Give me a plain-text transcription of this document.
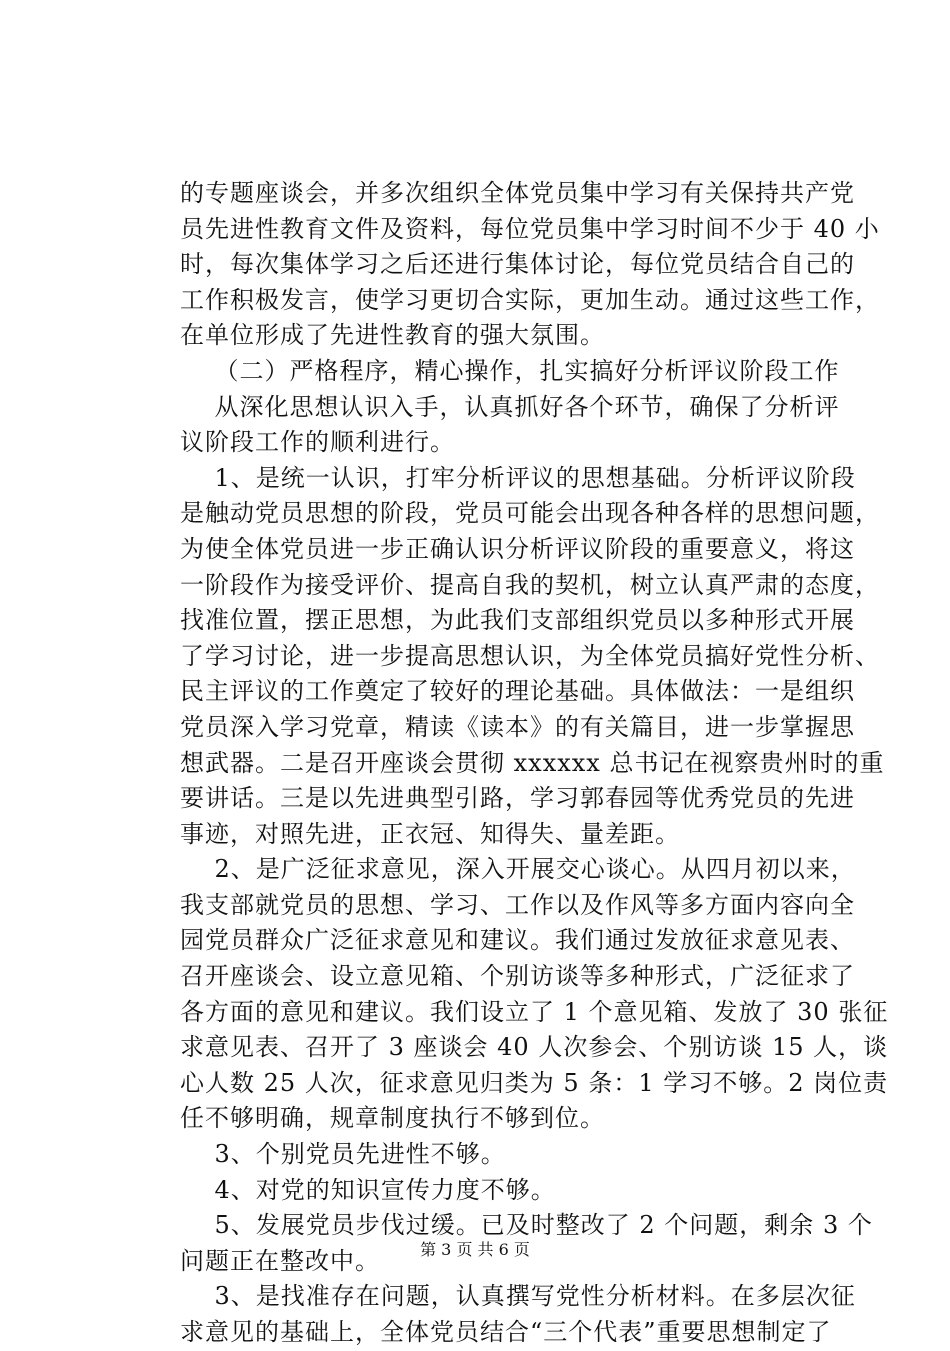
的专题座谈会，并多次组织全体党员集中学习有关保持共产党
员先进性教育文件及资料，每位党员集中学习时间不少于 40 小
时，每次集体学习之后还进行集体讨论，每位党员结合自己的
工作积极发言，使学习更切合实际，更加生动。通过这些工作，
在单位形成了先进性教育的强大氛围。
（二）严格程序，精心操作，扎实搞好分析评议阶段工作
从深化思想认识入手，认真抓好各个环节，确保了分析评
议阶段工作的顺利进行。
1、是统一认识，打牢分析评议的思想基础。分析评议阶段
是触动党员思想的阶段，党员可能会出现各种各样的思想问题，
为使全体党员进一步正确认识分析评议阶段的重要意义，将这
一阶段作为接受评价、提高自我的契机，树立认真严肃的态度，
找准位置，摆正思想，为此我们支部组织党员以多种形式开展
了学习讨论，进一步提高思想认识，为全体党员搞好党性分析、
民主评议的工作奠定了较好的理论基础。具体做法：一是组织
党员深入学习党章，精读《读本》的有关篇目，进一步掌握思
想武器。二是召开座谈会贯彻 xxxxxx 总书记在视察贵州时的重
要讲话。三是以先进典型引路，学习郭春园等优秀党员的先进
事迹，对照先进，正衣冠、知得失、量差距。
2、是广泛征求意见，深入开展交心谈心。从四月初以来，
我支部就党员的思想、学习、工作以及作风等多方面内容向全
园党员群众广泛征求意见和建议。我们通过发放征求意见表、
召开座谈会、设立意见箱、个别访谈等多种形式，广泛征求了
各方面的意见和建议。我们设立了 1 个意见箱、发放了 30 张征
求意见表、召开了 3 座谈会 40 人次参会、个别访谈 15 人，谈
心人数 25 人次，征求意见归类为 5 条：1 学习不够。2 岗位责
任不够明确，规章制度执行不够到位。
3、个别党员先进性不够。
4、对党的知识宣传力度不够。
5、发展党员步伐过缓。已及时整改了 2 个问题，剩余 3 个
问题正在整改中。
3、是找准存在问题，认真撰写党性分析材料。在多层次征
求意见的基础上，全体党员结合“三个代表”重要思想制定了
第 3 页 共 6 页
